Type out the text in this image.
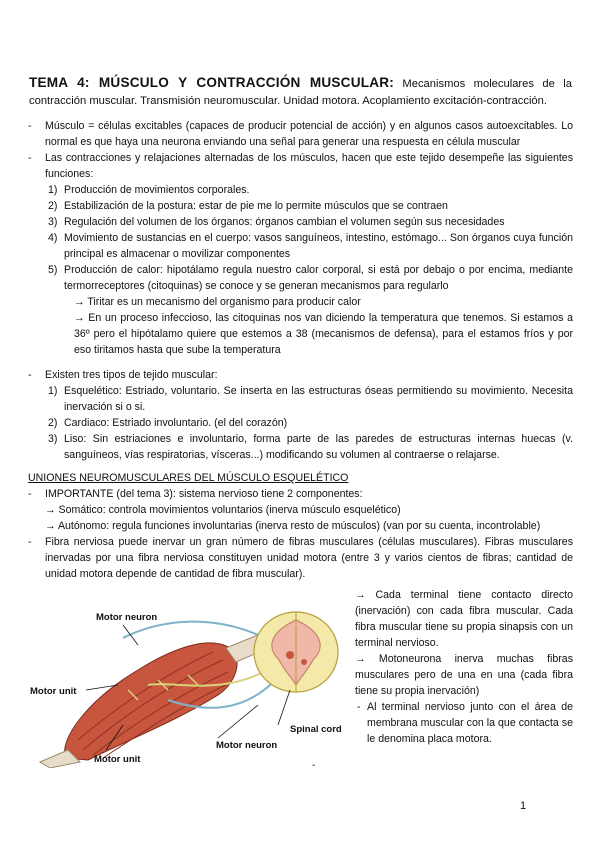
TEMA 4: MÚSCULO Y CONTRACCIÓN MUSCULAR: Mecanismos moleculares de la contracción muscular. Transmisión neuromuscular. Unidad motora. Acoplamiento excitación-contracción.
- Músculo = células excitables (capaces de producir potencial de acción) y en algunos casos autoexcitables. Lo normal es que haya una neurona enviando una señal para generar una respuesta en célula muscular
- Las contracciones y relajaciones alternadas de los músculos, hacen que este tejido desempeñe las siguientes funciones:
1) Producción de movimientos corporales.
2) Estabilización de la postura: estar de pie me lo permite músculos que se contraen
3) Regulación del volumen de los órganos: órganos cambian el volumen según sus necesidades
4) Movimiento de sustancias en el cuerpo: vasos sanguíneos, intestino, estómago... Son órganos cuya función principal es almacenar o movilizar componentes
5) Producción de calor: hipotálamo regula nuestro calor corporal, si está por debajo o por encima, mediante termorreceptores (citoquinas) se conoce y se generan mecanismos para regularlo
→ Tiritar es un mecanismo del organismo para producir calor
→ En un proceso infeccioso, las citoquinas nos van diciendo la temperatura que tenemos. Si estamos a 36º pero el hipótalamo quiere que estemos a 38 (mecanismos de defensa), para el estamos fríos y por eso tiritamos hasta que sube la temperatura
- Existen tres tipos de tejido muscular:
1) Esquelético: Estriado, voluntario. Se inserta en las estructuras óseas permitiendo su movimiento. Necesita inervación si o si.
2) Cardiaco: Estriado involuntario. (el del corazón)
3) Liso: Sin estriaciones e involuntario, forma parte de las paredes de estructuras internas huecas (v. sanguíneos, vías respiratorias, vísceras...) modificando su volumen al contraerse o relajarse.
UNIONES NEUROMUSCULARES DEL MÚSCULO ESQUELÉTICO
- IMPORTANTE (del tema 3): sistema nervioso tiene 2 componentes:
→ Somático: controla movimientos voluntarios (inerva músculo esquelético)
→ Autónomo: regula funciones involuntarias (inerva resto de músculos) (van por su cuenta, incontrolable)
- Fibra nerviosa puede inervar un gran número de fibras musculares (células musculares). Fibras musculares inervadas por una fibra nerviosa constituyen unidad motora (entre 3 y varios cientos de fibras; cantidad de unidad motora depende de cantidad de fibra muscular).
Motor neuron
Motor unit
Motor unit
Spinal cord
Motor neuron
→ Cada terminal tiene contacto directo (inervación) con cada fibra muscular. Cada fibra muscular tiene su propia sinapsis con un terminal nervioso.
→ Motoneurona inerva muchas fibras musculares pero de una en una (cada fibra tiene su propia inervación)
- Al terminal nervioso junto con el área de membrana muscular con la que contacta se le denomina placa motora.
-
1
